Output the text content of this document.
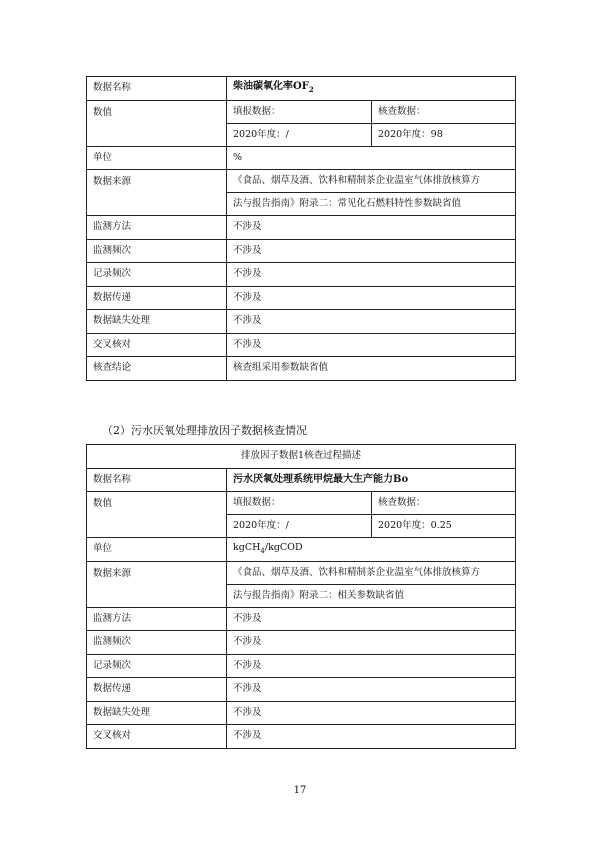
数据名称	柴油碳氧化率$OF_2$
数值	填报数据：	核查数据：
	2020年度：/	2020年度：98
单位	%	
数据来源	《食品、烟草及酒、饮料和精制茶企业温室气体排放核算方	
	法与报告指南》附录二：常见化石燃料特性参数缺省值	
监测方法	不涉及	
监测频次	不涉及	
记录频次	不涉及	
数据传递	不涉及	
数据缺失处理	不涉及	
交叉核对	不涉及	
核查结论	核查组采用参数缺省值	
（2）污水厌氧处理排放因子数据核查情况
排放因子数据1核查过程描述		
数据名称	污水厌氧处理系统甲烷最大生产能力Bo	
数值	填报数据：	核查数据：
	2020年度：/	2020年度：0.25
单位	kgCH$_4$/kgCOD	
数据来源	《食品、烟草及酒、饮料和精制茶企业温室气体排放核算方	
	法与报告指南》附录二：相关参数缺省值	
监测方法	不涉及	
监测频次	不涉及	
记录频次	不涉及	
数据传递	不涉及	
数据缺失处理	不涉及	
交叉核对	不涉及	
17
